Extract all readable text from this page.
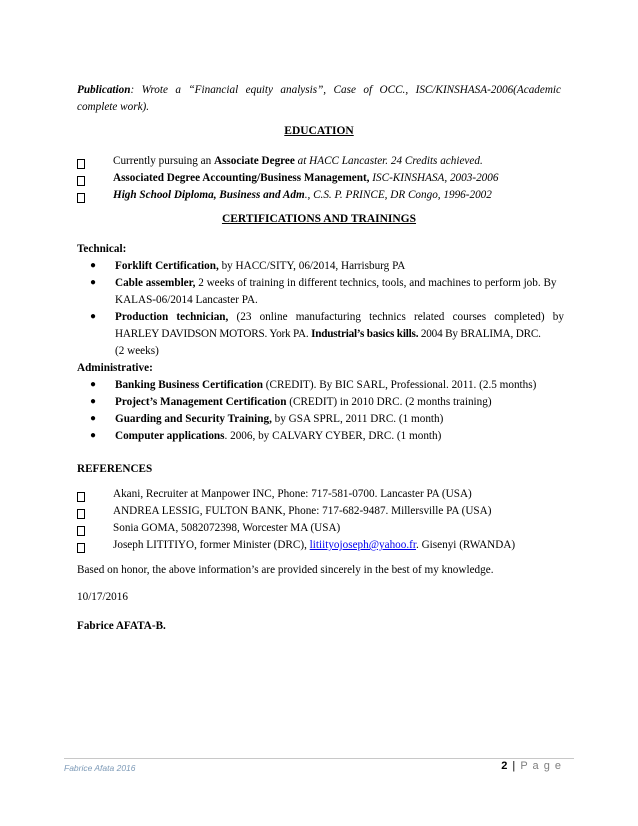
Publication: Wrote a “Financial equity analysis”, Case of OCC., ISC/KINSHASA-2006(Academic
complete work).
EDUCATION
Currently pursuing an Associate Degree at HACC Lancaster. 24 Credits achieved.
Associated Degree Accounting/Business Management, ISC-KINSHASA, 2003-2006
High School Diploma, Business and Adm., C.S. P. PRINCE, DR Congo, 1996-2002
CERTIFICATIONS AND TRAININGS
Technical:
● Forklift Certification, by HACC/SITY, 06/2014, Harrisburg PA
● Cable assembler, 2 weeks of training in different technics, tools, and machines to perform job. By
KALAS-06/2014 Lancaster PA.
● Production technician, (23 online manufacturing technics related courses completed) by
HARLEY DAVIDSON MOTORS. York PA. Industrial’s basics kills. 2004 By BRALIMA, DRC.
(2 weeks)
Administrative:
● Banking Business Certification (CREDIT). By BIC SARL, Professional. 2011. (2.5 months)
● Project’s Management Certification (CREDIT) in 2010 DRC. (2 months training)
● Guarding and Security Training, by GSA SPRL, 2011 DRC. (1 month)
● Computer applications. 2006, by CALVARY CYBER, DRC. (1 month)
REFERENCES
Akani, Recruiter at Manpower INC, Phone: 717-581-0700. Lancaster PA (USA)
ANDREA LESSIG, FULTON BANK, Phone: 717-682-9487. Millersville PA (USA)
Sonia GOMA, 5082072398, Worcester MA (USA)
Joseph LITITIYO, former Minister (DRC), litiityojoseph@yahoo.fr. Gisenyi (RWANDA)
Based on honor, the above information’s are provided sincerely in the best of my knowledge.
10/17/2016
Fabrice AFATA-B.
Fabrice Afata 2016	2 | P a g e
